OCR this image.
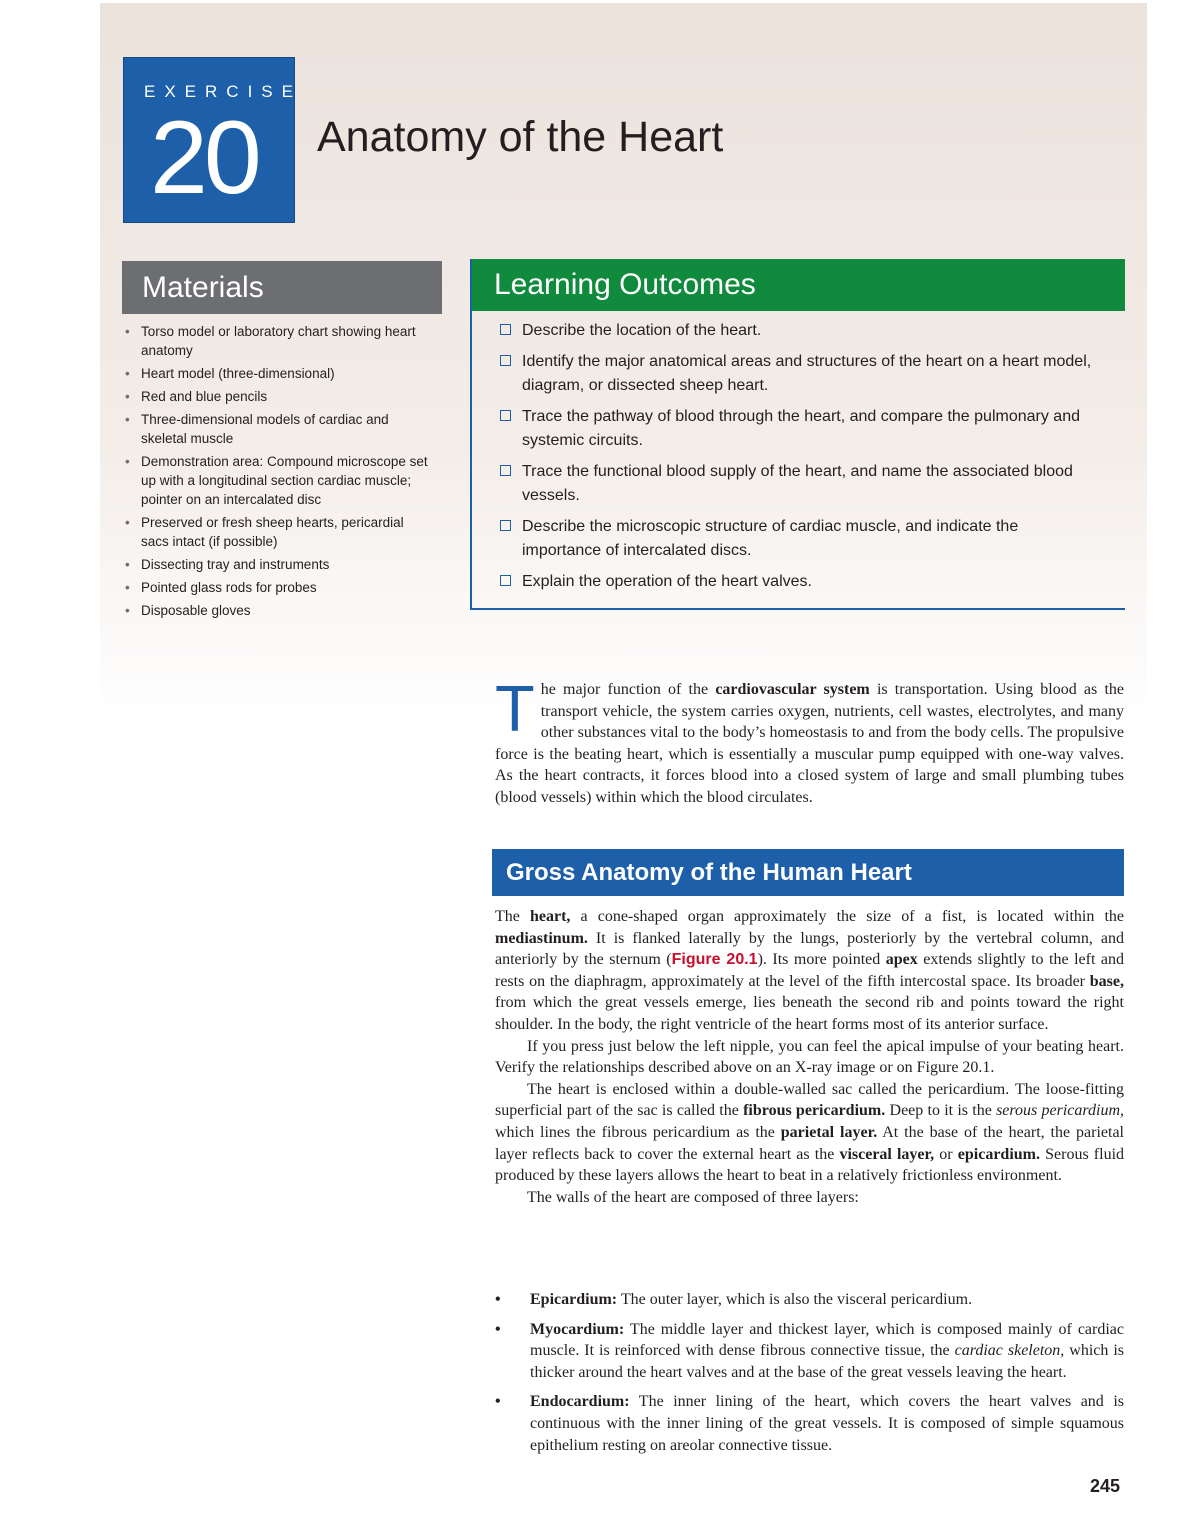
EXERCISE
20 Anatomy of the Heart
Materials
• Torso model or laboratory chart showing heart anatomy
• Heart model (three-dimensional)
• Red and blue pencils
• Three-dimensional models of cardiac and skeletal muscle
• Demonstration area: Compound microscope set up with a longitudinal section cardiac muscle; pointer on an intercalated disc
• Preserved or fresh sheep hearts, pericardial sacs intact (if possible)
• Dissecting tray and instruments
• Pointed glass rods for probes
• Disposable gloves
Learning Outcomes
Describe the location of the heart.
Identify the major anatomical areas and structures of the heart on a heart model, diagram, or dissected sheep heart.
Trace the pathway of blood through the heart, and compare the pulmonary and systemic circuits.
Trace the functional blood supply of the heart, and name the associated blood vessels.
Describe the microscopic structure of cardiac muscle, and indicate the importance of intercalated discs.
Explain the operation of the heart valves.
The major function of the cardiovascular system is transportation. Using blood as the transport vehicle, the system carries oxygen, nutrients, cell wastes, electrolytes, and many other substances vital to the body’s homeostasis to and from the body cells. The propulsive force is the beating heart, which is essentially a muscular pump equipped with one-way valves. As the heart contracts, it forces blood into a closed system of large and small plumbing tubes (blood vessels) within which the blood circulates.
Gross Anatomy of the Human Heart

The heart, a cone-shaped organ approximately the size of a fist, is located within the mediastinum. It is flanked laterally by the lungs, posteriorly by the vertebral column, and anteriorly by the sternum (Figure 20.1). Its more pointed apex extends slightly to the left and rests on the diaphragm, approximately at the level of the fifth intercostal space. Its broader base, from which the great vessels emerge, lies beneath the second rib and points toward the right shoulder. In the body, the right ventricle of the heart forms most of its anterior surface.

If you press just below the left nipple, you can feel the apical impulse of your beating heart. Verify the relationships described above on an X-ray image or on Figure 20.1.

The heart is enclosed within a double-walled sac called the pericardium. The loose-fitting superficial part of the sac is called the fibrous pericardium. Deep to it is the serous pericardium, which lines the fibrous pericardium as the parietal layer. At the base of the heart, the parietal layer reflects back to cover the external heart as the visceral layer, or epicardium. Serous fluid produced by these layers allows the heart to beat in a relatively frictionless environment.

The walls of the heart are composed of three layers:

• Epicardium: The outer layer, which is also the visceral pericardium.
• Myocardium: The middle layer and thickest layer, which is composed mainly of cardiac muscle. It is reinforced with dense fibrous connective tissue, the cardiac skeleton, which is thicker around the heart valves and at the base of the great vessels leaving the heart.
• Endocardium: The inner lining of the heart, which covers the heart valves and is continuous with the inner lining of the great vessels. It is composed of simple squamous epithelium resting on areolar connective tissue.
245
